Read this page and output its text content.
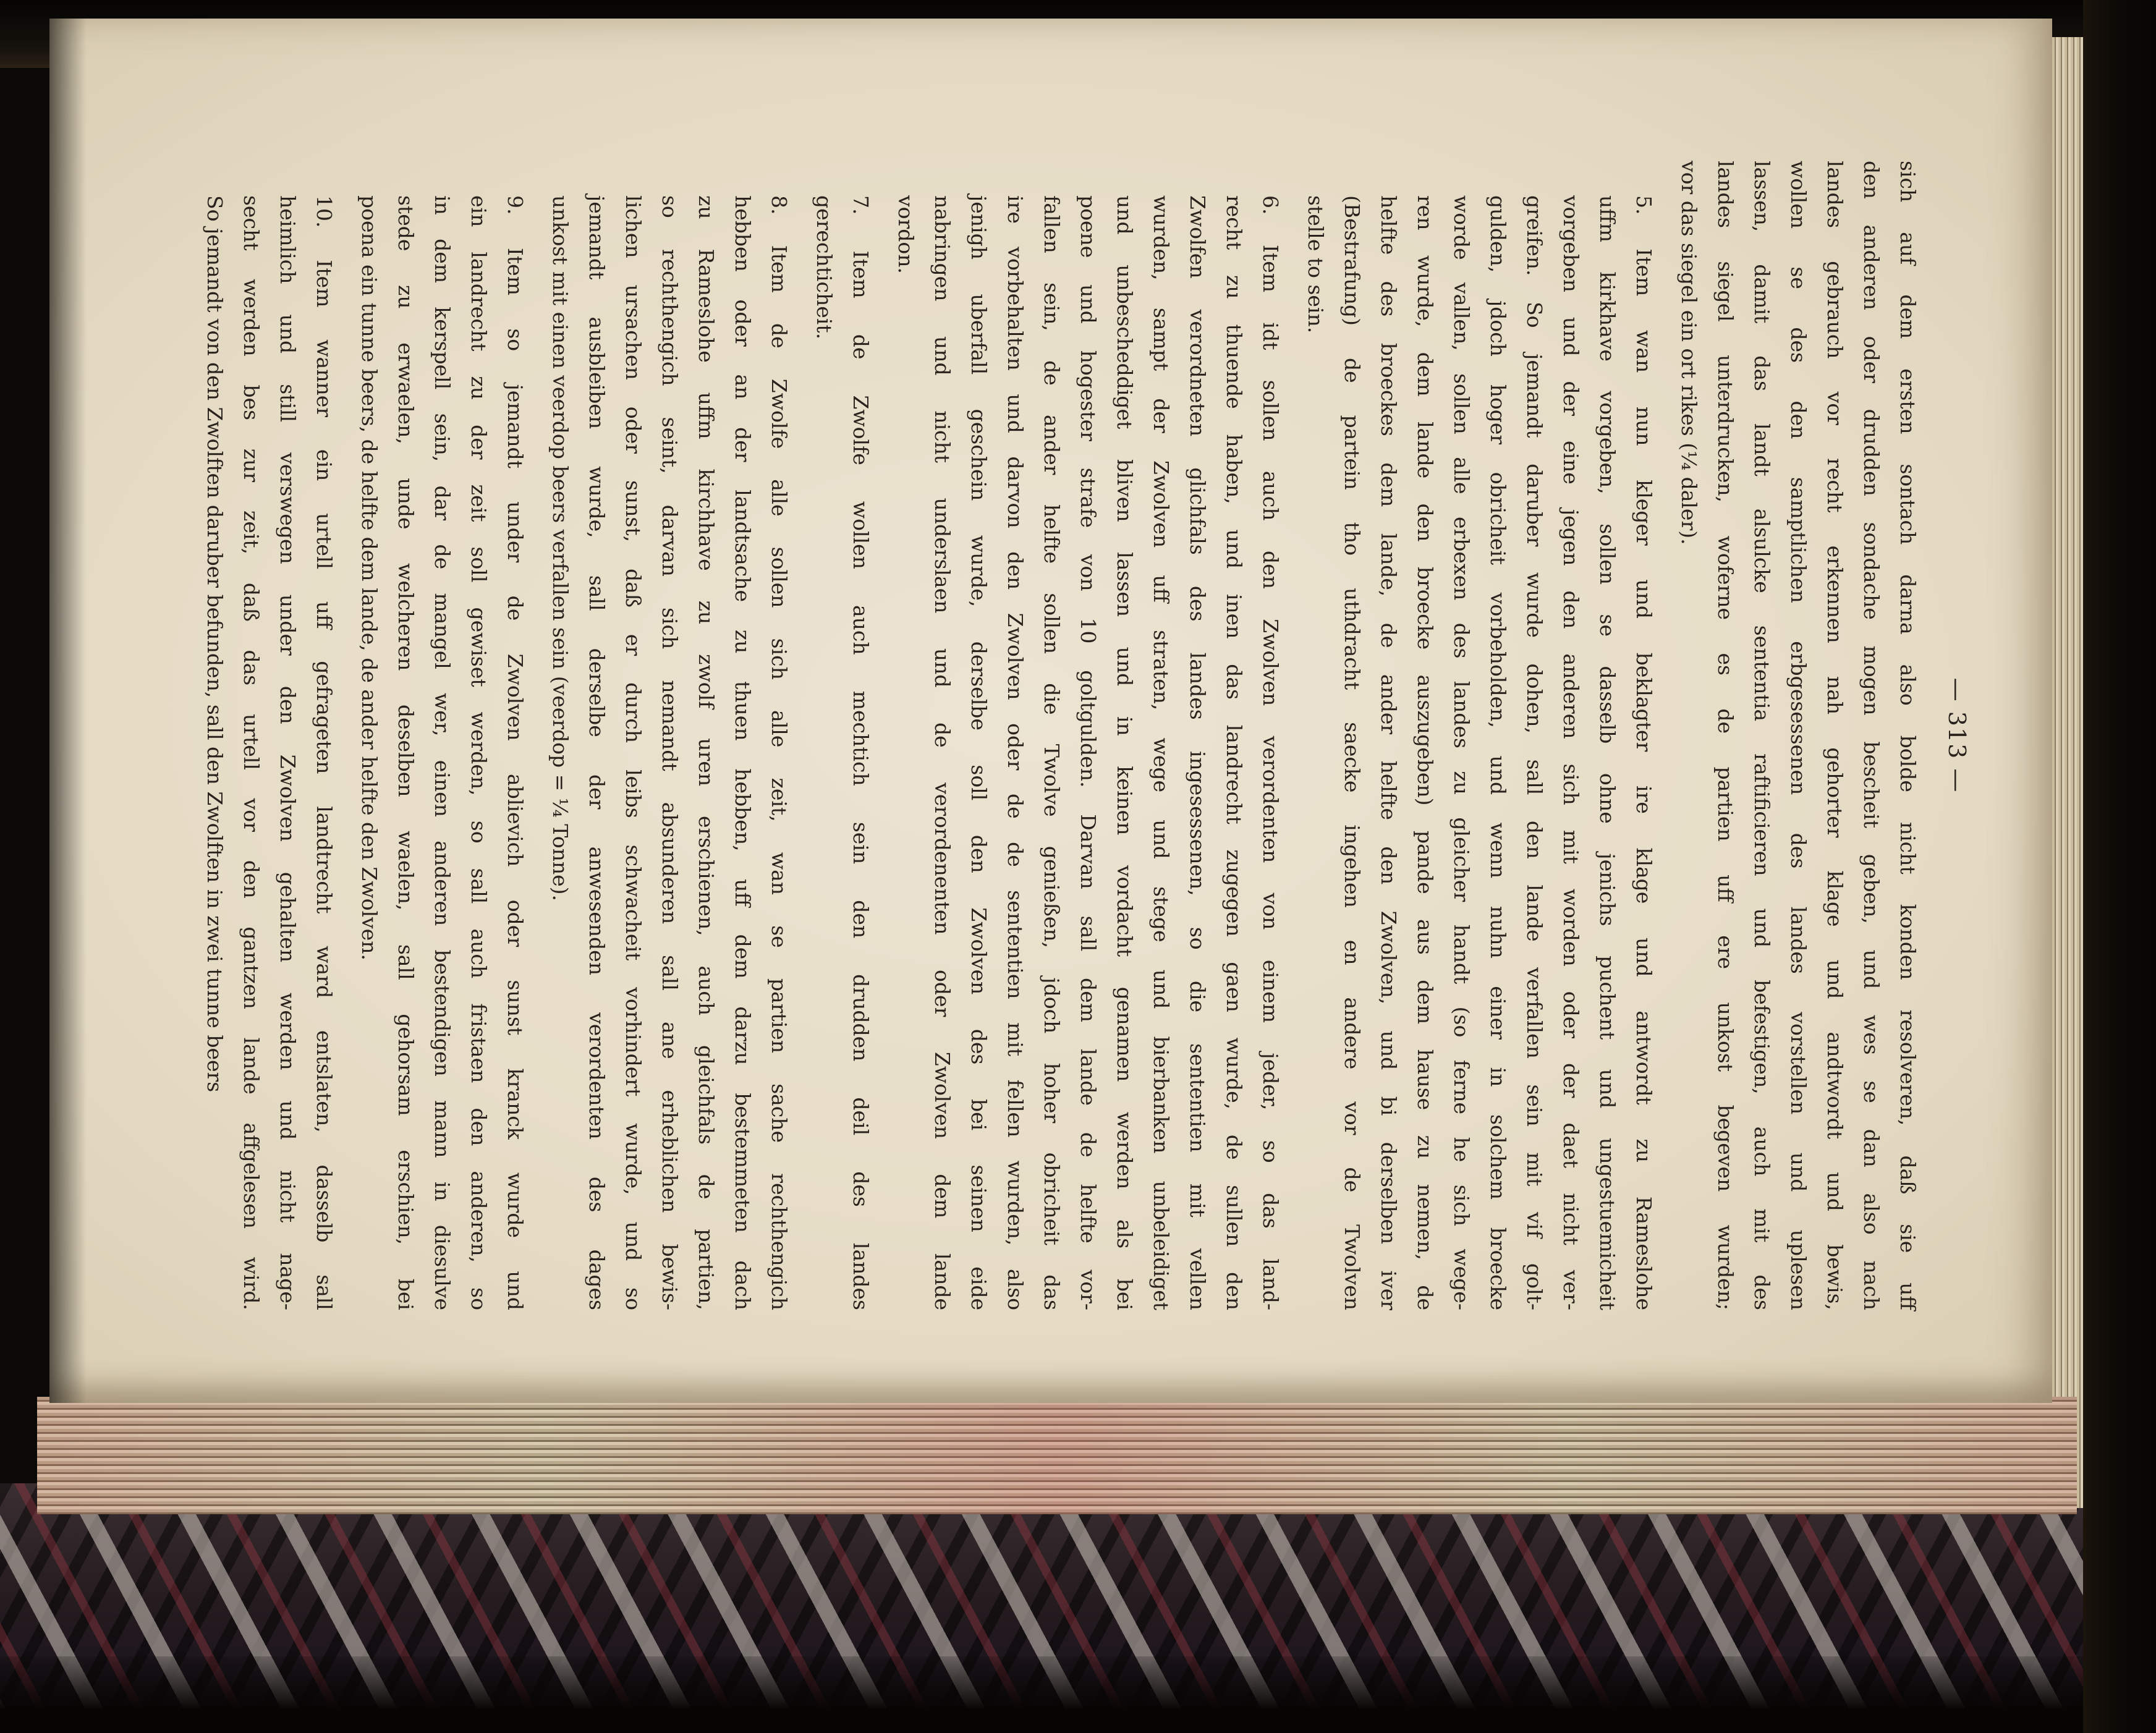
— 313 —
sich auf dem ersten sontach darna also bolde nicht konden resolveren, daß sie uff
den anderen oder drudden sondache mogen bescheit geben, und wes se dan also nach
landes gebrauch vor recht erkennen nah gehorter klage und andtwordt und bewis,
wollen se des den samptlichen erbgesessenen des landes vorstellen und uplesen
lassen, damit das landt alsulcke sententia raftificieren und befestigen, auch mit des
landes siegel unterdrucken, woferne es de partien uff ere unkost begeven wurden;
vor das siegel ein ort rikes (¼ daler).
5. Item wan nun kleger und beklagter ire klage und antwordt zu Rameslohe
uffm kirkhave vorgeben, sollen se dasselb ohne jenichs puchent und ungestuemicheit
vorgeben und der eine jegen den anderen sich mit worden oder der daet nicht ver-
greifen. So jemandt daruber wurde dohen, sall den lande verfallen sein mit vif golt-
gulden, jdoch hoger obricheit vorbeholden, und wenn nuhn einer in solchem broecke
worde vallen, sollen alle erbexen des landes zu gleicher handt (so ferne he sich wege-
ren wurde, dem lande den broecke auszugeben) pande aus dem hause zu nemen, de
helfte des broeckes dem lande, de ander helfte den Zwolven, und bi derselben iver
(Bestrafung) de partein tho uthdracht saecke ingehen en andere vor de Twolven
stelle to sein.
6. Item idt sollen auch den Zwolven verordenten von einem jeder, so das land-
recht zu thuende haben, und inen das landrecht zugegen gaen wurde, de sullen den
Zwolfen verordneten glichfals des landes ingesessenen, so die sententien mit vellen
wurden, sampt der Zwolven uff straten, wege und stege und bierbanken unbeleidiget
und unbescheddiget bliven lassen und in keinen vordacht genamen werden als bei
poene und hogester strafe von 10 goltgulden. Darvan sall dem lande de helfte vor-
fallen sein, de ander helfte sollen die Twolve genießen, jdoch hoher obricheit das
ire vorbehalten und darvon den Zwolven oder de de sententien mit fellen wurden, also
jenigh uberfall geschein wurde, derselbe soll den Zwolven des bei seinen eide
nabringen und nicht underslaen und de verordenenten oder Zwolven dem lande
vordon.
7. Item de Zwolfe wollen auch mechtich sein den drudden deil des landes
gerechticheit.
8. Item de Zwolfe alle sollen sich alle zeit, wan se partien sache rechthengich
hebben oder an der landtsache zu thuen hebben, uff dem darzu bestemmeten dach
zu Rameslohe uffm kirchhave zu zwolf uren erschienen, auch gleichfals de partien,
so rechthengich seint, darvan sich nemandt absunderen sall ane erheblichen bewis-
lichen ursachen oder sunst, daß er durch leibs schwacheit vorhindert wurde, und so
jemandt ausbleiben wurde, sall derselbe der anwesenden verordenten des dages
unkost mit einen veerdop beers verfallen sein (veerdop = ¼ Tonne).
9. Item so jemandt under de Zwolven ablievich oder sunst kranck wurde und
ein landrecht zu der zeit soll gewiset werden, so sall auch fristaen den anderen, so
in dem kerspell sein, dar de mangel wer, einen anderen bestendigen mann in diesulve
stede zu erwaelen, unde welcheren deselben waelen, sall gehorsam erschien, bei
poena ein tunne beers, de helfte dem lande, de ander helfte den Zwolven.
10. Item wanner ein urtell uff gefrageten landtrecht ward entslaten, dasselb sall
heimlich und still verswegen under den Zwolven gehalten werden und nicht nage-
secht werden bes zur zeit, daß das urtell vor den gantzen lande affgelesen wird.
So jemandt von den Zwolften daruber befunden, sall den Zwolften in zwei tunne beers
